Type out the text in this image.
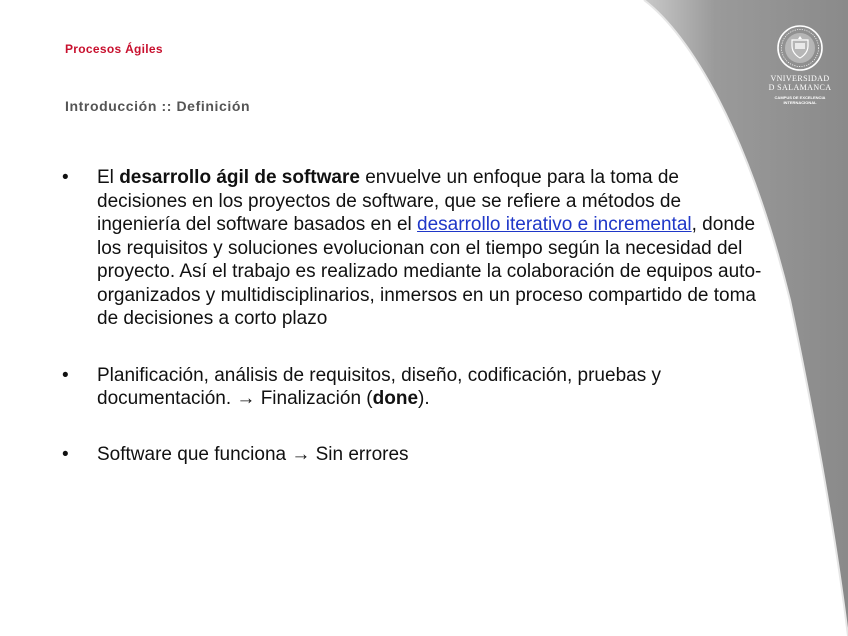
Procesos Ágiles
Introducción :: Definición
VNIVERSIDAD
D SALAMANCA
CAMPUS DE EXCELENCIA
INTERNACIONAL
• El desarrollo ágil de software envuelve un enfoque para la toma de decisiones en los proyectos de software, que se refiere a métodos de ingeniería del software basados en el desarrollo iterativo e incremental, donde los requisitos y soluciones evolucionan con el tiempo según la necesidad del proyecto. Así el trabajo es realizado mediante la colaboración de equipos auto-organizados y multidisciplinarios, inmersos en un proceso compartido de toma de decisiones a corto plazo
• Planificación, análisis de requisitos, diseño, codificación, pruebas y documentación. → Finalización (done).
• Software que funciona → Sin errores
